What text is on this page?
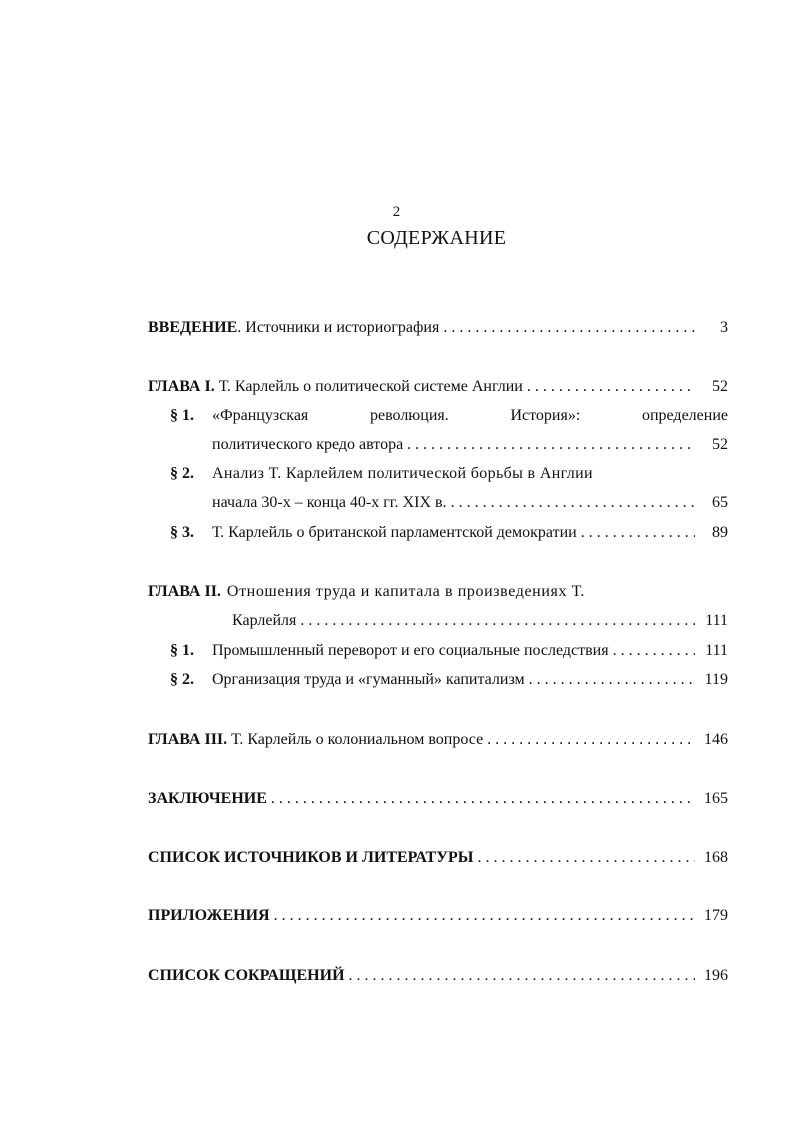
2
СОДЕРЖАНИЕ
ВВЕДЕНИЕ. Источники и историография . . .	3
ГЛАВА I. Т. Карлейль о политической системе Англии . . .	52
§ 1.	«Французская	революция.	История»:	определение
политического кредо автора . . .	52
§ 2.	Анализ Т. Карлейлем политической борьбы в Англии
начала 30-х – конца 40-х гг. XIX в. . . .	65
§ 3.	Т. Карлейль о британской парламентской демократии . . .	89
ГЛАВА II. Отношения труда и капитала в произведениях Т.
Карлейля . . .	111
§ 1.	Промышленный переворот и его социальные последствия . . .	111
§ 2.	Организация труда и «гуманный» капитализм . . .	119
ГЛАВА III. Т. Карлейль о колониальном вопросе . . .	146
ЗАКЛЮЧЕНИЕ . . .	165
СПИСОК ИСТОЧНИКОВ И ЛИТЕРАТУРЫ . . .	168
ПРИЛОЖЕНИЯ . . .	179
СПИСОК СОКРАЩЕНИЙ . . .	196
